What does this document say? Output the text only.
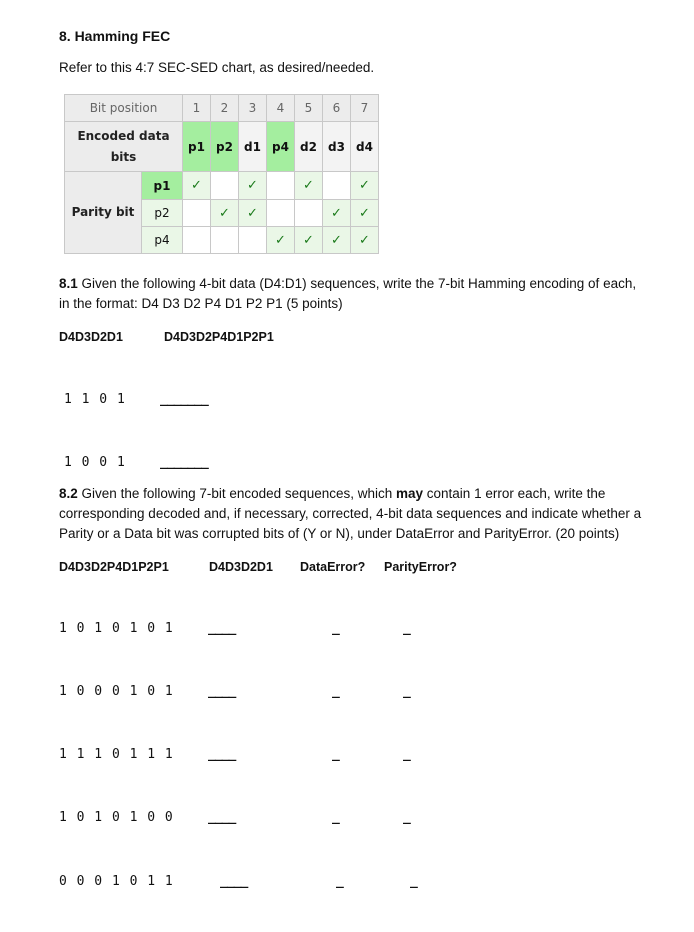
8. Hamming FEC
Refer to this 4:7 SEC-SED chart, as desired/needed.
Bit position		1	2	3	4	5	6	7
Encoded data bits		p1	p2	d1	p4	d2	d3	d4
Parity bit	p1	✓		✓		✓		✓
	p2		✓	✓			✓	✓
	p4				✓	✓	✓	✓
8.1 Given the following 4-bit data (D4:D1) sequences, write the 7-bit Hamming encoding of each, in the format: D4 D3 D2 P4 D1 P2 P1 (5 points)
D4D3D2D1	D4D3D2P4D1P2P1
1 1 0 1	_______
1 0 0 1	_______
8.2 Given the following 7-bit encoded sequences, which may contain 1 error each, write the corresponding decoded and, if necessary, corrected, 4-bit data sequences and indicate whether a Parity or a Data bit was corrupted bits of (Y or N), under DataError and ParityError. (20 points)
D4D3D2P4D1P2P1	D4D3D2D1 DataError? ParityError?
1 0 1 0 1 0 1	____	_	_
1 0 0 0 1 0 1	____	_	_
1 1 1 0 1 1 1	____	_	_
1 0 1 0 1 0 0	____	_	_
0 0 0 1 0 1 1	____	_	_
